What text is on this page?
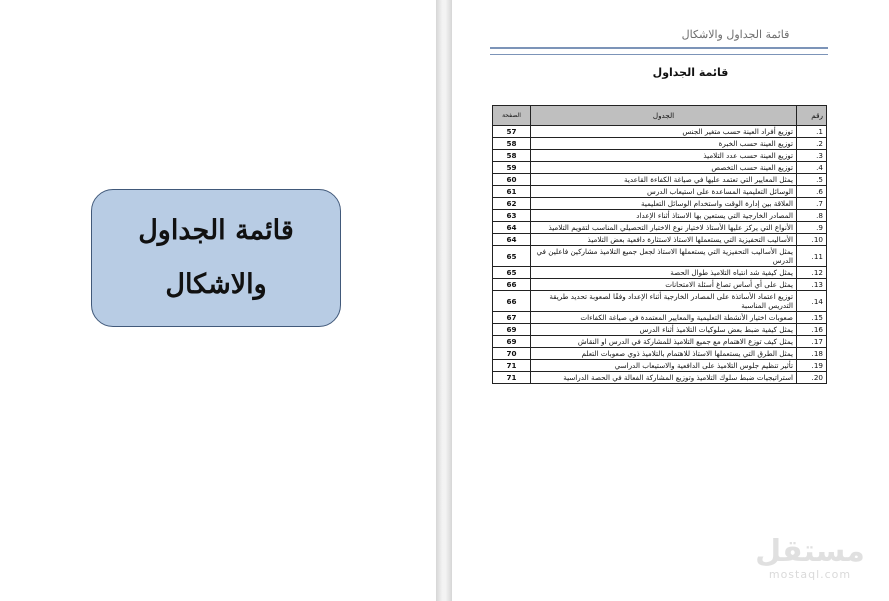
قائمة الجداول
والاشكال
قائمة الجداول والاشكال
قائمة الجداول
رقم	الجدول	الصفحة
1.	توزيع أفراد العينة حسب متغير الجنس	57
2.	توزيع العينة حسب الخبرة	58
3.	توزيع العينة حسب عدد التلاميذ	58
4.	توزيع العينة حسب التخصص	59
5.	يمثل المعايير التي تعتمد عليها في صياغة الكفاءة القاعدية	60
6.	الوسائل التعليمية المساعدة على استيعاب الدرس	61
7.	العلاقة بين إدارة الوقت واستخدام الوسائل التعليمية	62
8.	المصادر الخارجية التي يستعين بها الاستاذ أثناء الإعداد	63
9.	الأنواع التي يركز عليها الأستاذ لاختيار نوع الاختبار التحصيلي المناسب لتقويم التلاميذ	64
10.	الأساليب التحفيزية التي يستعملها الاستاذ لاستثارة دافعية بعض التلاميذ	64
11.	يمثل الأساليب التحفيزية التي يستعملها الاستاذ لجعل جميع التلاميذ مشاركين فاعلين في الدرس	65
12.	يمثل كيفية شد انتباه التلاميذ طوال الحصة	65
13.	يمثل على أي أساس تصاغ أسئلة الامتحانات	66
14.	توزيع اعتماد الأساتذة على المصادر الخارجية أثناء الإعداد وفقًا لصعوبة تحديد طريقة التدريس المناسبة	66
15.	صعوبات اختيار الأنشطة التعليمية والمعايير المعتمدة في صياغة الكفاءات	67
16.	يمثل كيفية ضبط بعض سلوكيات التلاميذ أثناء الدرس	69
17.	يمثل كيف توزع الاهتمام مع جميع التلاميذ للمشاركة في الدرس او النقاش	69
18.	يمثل الطرق التي يستعملها الاستاذ للاهتمام بالتلاميذ ذوي صعوبات التعلم	70
19.	تأثير تنظيم جلوس التلاميذ على الدافعية والاستيعاب الدراسي	71
20.	استراتيجيات ضبط سلوك التلاميذ وتوزيع المشاركة الفعالة في الحصة الدراسية	71
مستقل
mostaql.com
